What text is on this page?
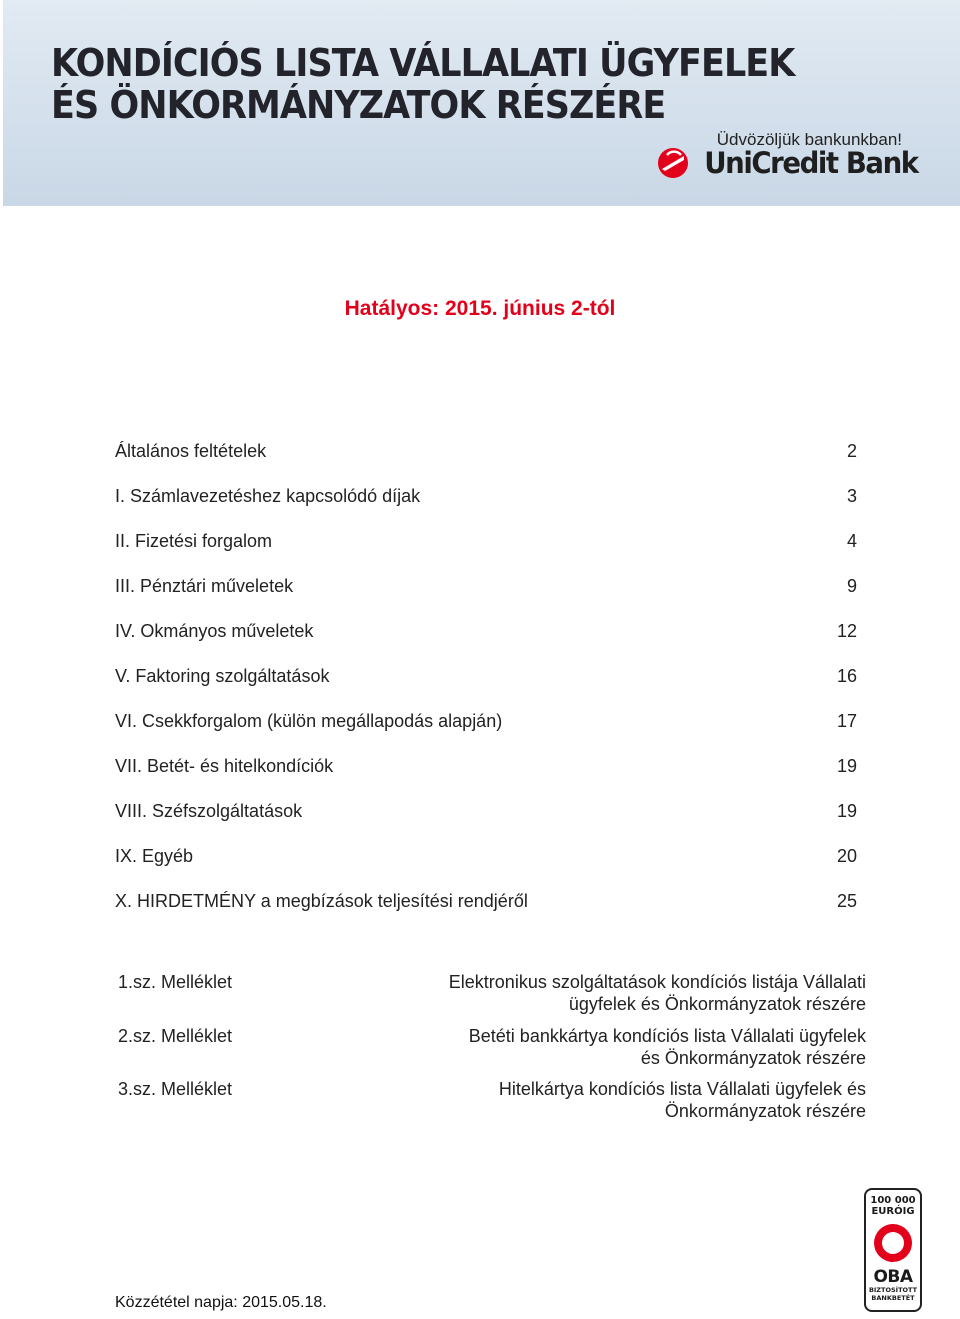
KONDÍCIÓS LISTA VÁLLALATI ÜGYFELEK
ÉS ÖNKORMÁNYZATOK RÉSZÉRE
Üdvözöljük bankunkban!
UniCredit Bank
Hatályos: 2015. június 2-tól
Általános feltételek	2
I. Számlavezetéshez kapcsolódó díjak	3
II. Fizetési forgalom	4
III. Pénztári műveletek	9
IV. Okmányos műveletek	12
V. Faktoring szolgáltatások	16
VI. Csekkforgalom (külön megállapodás alapján)	17
VII. Betét- és hitelkondíciók	19
VIII. Széfszolgáltatások	19
IX. Egyéb	20
X. HIRDETMÉNY a megbízások teljesítési rendjéről	25
1.sz. Melléklet	Elektronikus szolgáltatások kondíciós listája Vállalati ügyfelek és Önkormányzatok részére
2.sz. Melléklet	Betéti bankkártya kondíciós lista Vállalati ügyfelek és Önkormányzatok részére
3.sz. Melléklet	Hitelkártya kondíciós lista Vállalati ügyfelek és Önkormányzatok részére
100 000
EURÓIG
OBA
BIZTOSÍTOTT
BANKBETÉT
Közzététel napja: 2015.05.18.
